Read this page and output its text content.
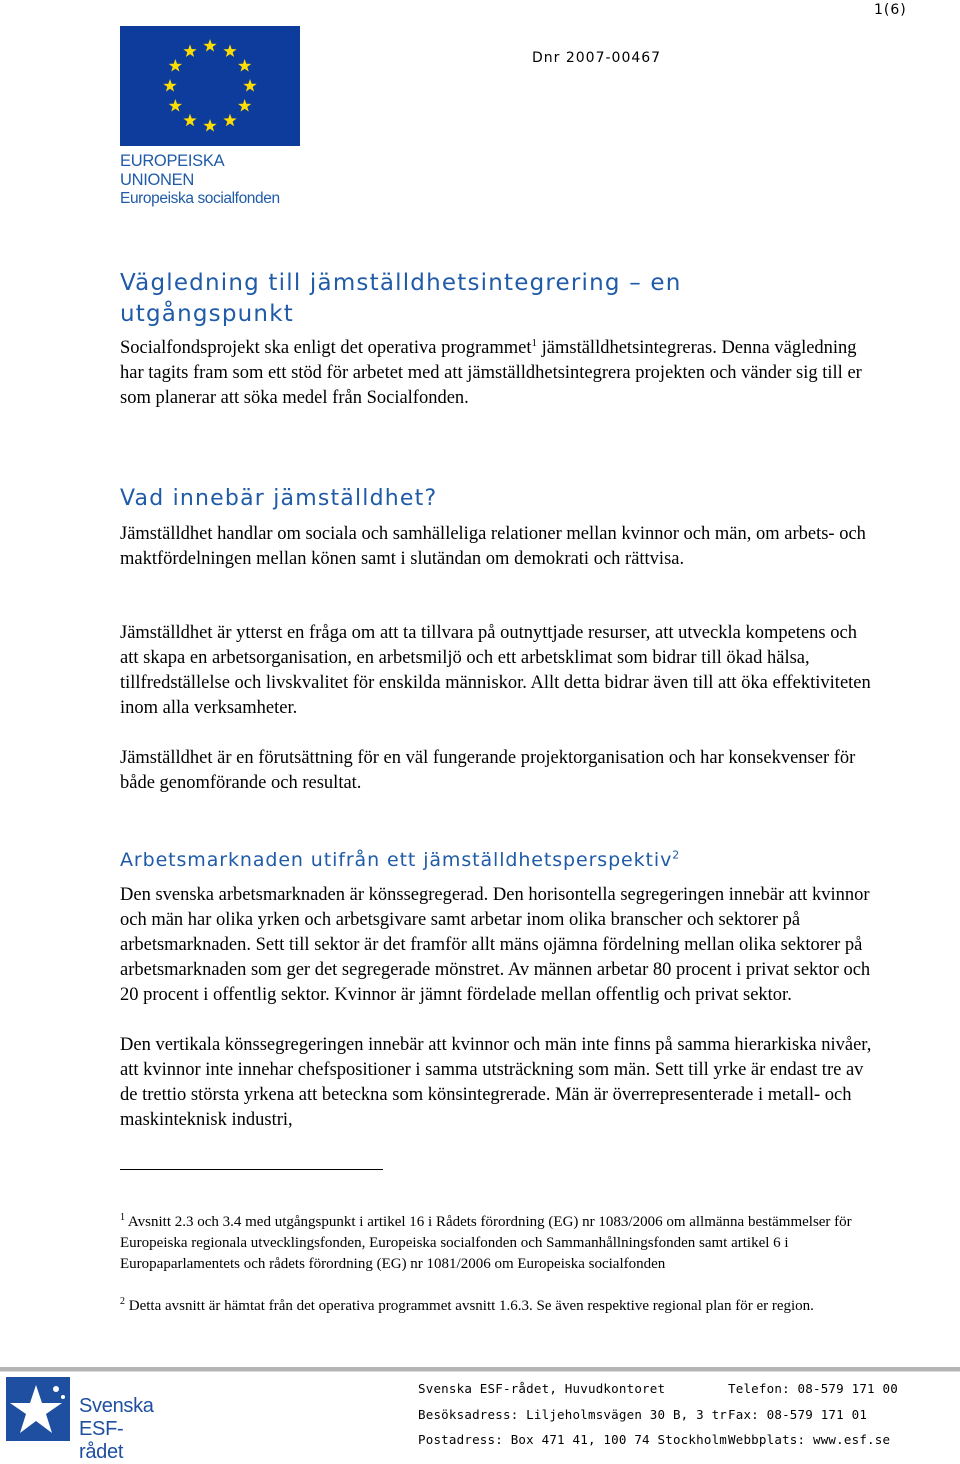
1(6)
Dnr 2007-00467
EUROPEISKA UNIONEN
Europeiska socialfonden
Vägledning till jämställdhetsintegrering – en
utgångspunkt

Socialfondsprojekt ska enligt det operativa programmet$^1$ jämställdhetsintegreras. Denna vägledning har tagits fram som ett stöd för arbetet med att jämställdhetsintegrera projekten och vänder sig till er som planerar att söka medel från Socialfonden.

Vad innebär jämställdhet?

Jämställdhet handlar om sociala och samhälleliga relationer mellan kvinnor och män, om arbets- och maktfördelningen mellan könen samt i slutändan om demokrati och rättvisa.

Jämställdhet är ytterst en fråga om att ta tillvara på outnyttjade resurser, att utveckla kompetens och att skapa en arbetsorganisation, en arbetsmiljö och ett arbetsklimat som bidrar till ökad hälsa, tillfredställelse och livskvalitet för enskilda människor. Allt detta bidrar även till att öka effektiviteten inom alla verksamheter.

Jämställdhet är en förutsättning för en väl fungerande projektorganisation och har konsekvenser för både genomförande och resultat.

Arbetsmarknaden utifrån ett jämställdhetsperspektiv$^2$

Den svenska arbetsmarknaden är könssegregerad. Den horisontella segregeringen innebär att kvinnor och män har olika yrken och arbetsgivare samt arbetar inom olika branscher och sektorer på arbetsmarknaden. Sett till sektor är det framför allt mäns ojämna fördelning mellan olika sektorer på arbetsmarknaden som ger det segregerade mönstret. Av männen arbetar 80 procent i privat sektor och 20 procent i offentlig sektor. Kvinnor är jämnt fördelade mellan offentlig och privat sektor.

Den vertikala könssegregeringen innebär att kvinnor och män inte finns på samma hierarkiska nivåer, att kvinnor inte innehar chefspositioner i samma utsträckning som män. Sett till yrke är endast tre av de trettio största yrkena att beteckna som könsintegrerade. Män är överrepresenterade i metall- och maskinteknisk industri,

$^1$ Avsnitt 2.3 och 3.4 med utgångspunkt i artikel 16 i Rådets förordning (EG) nr 1083/2006 om allmänna bestämmelser för Europeiska regionala utvecklingsfonden, Europeiska socialfonden och Sammanhållningsfonden samt artikel 6 i Europaparlamentets och rådets förordning (EG) nr 1081/2006 om Europeiska socialfonden

$^2$ Detta avsnitt är hämtat från det operativa programmet avsnitt 1.6.3. Se även respektive regional plan för er region.

Svenska
ESF-rådet
Svenska ESF-rådet, Huvudkontoret
Besöksadress: Liljeholmsvägen 30 B, 3 tr
Postadress: Box 471 41, 100 74 Stockholm
Telefon: 08-579 171 00
Fax: 08-579 171 01
Webbplats: www.esf.se
